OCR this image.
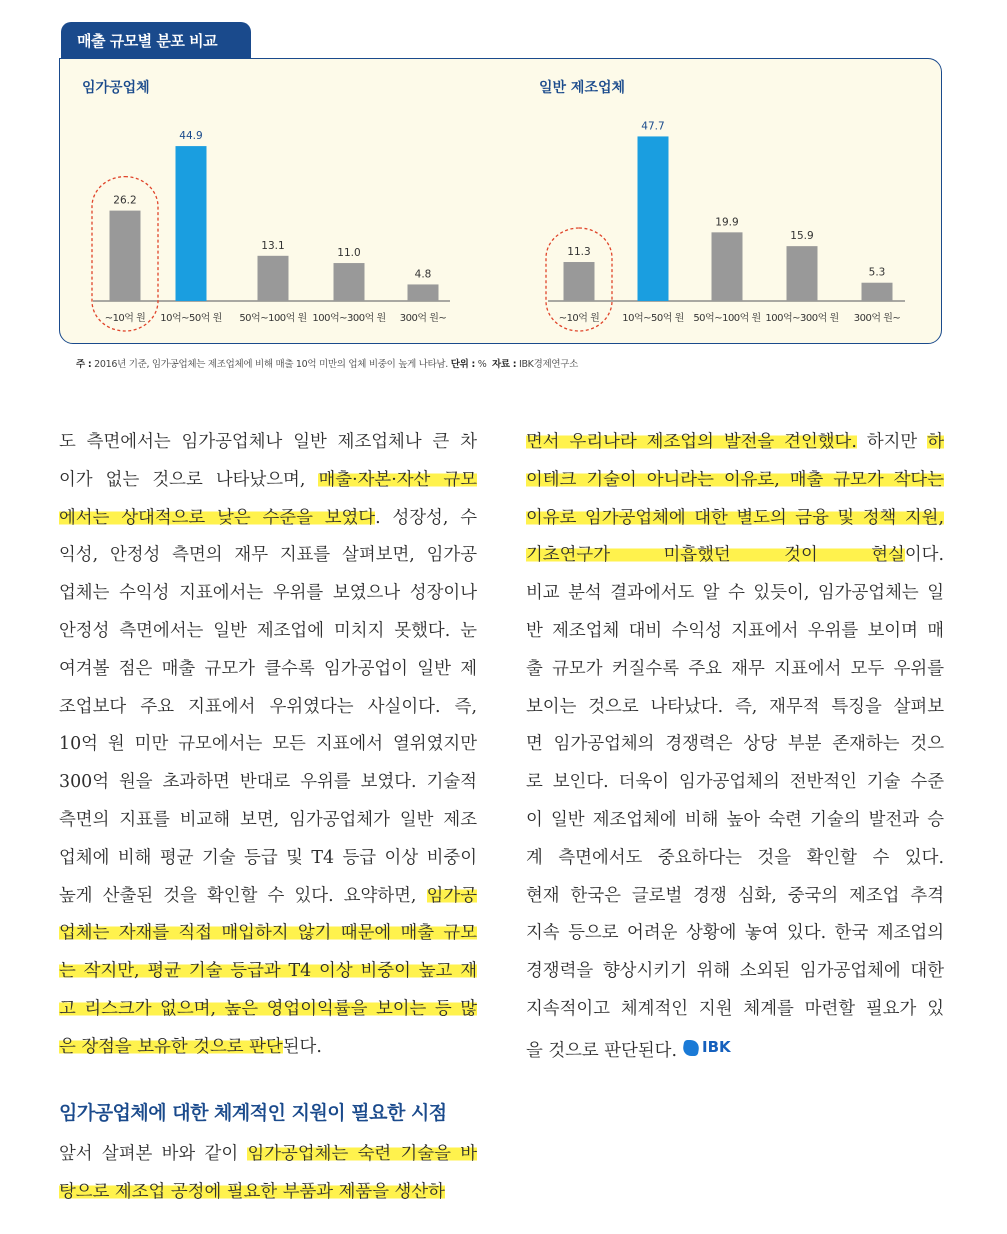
매출 규모별 분포 비교
임가공업체
26.2
~10억 원
44.9
10억~50억 원
13.1
50억~100억 원
11.0
100억~300억 원
4.8
300억 원~
일반 제조업체
11.3
~10억 원
47.7
10억~50억 원
19.9
50억~100억 원
15.9
100억~300억 원
5.3
300억 원~
주 : 2016년 기준, 임가공업체는 제조업체에 비해 매출 10억 미만의 업체 비중이 높게 나타남. 단위 : % 자료 : IBK경제연구소
도 측면에서는 임가공업체나 일반 제조업체나 큰 차
이가 없는 것으로 나타났으며, 매출·자본·자산 규모
에서는 상대적으로 낮은 수준을 보였다. 성장성, 수
익성, 안정성 측면의 재무 지표를 살펴보면, 임가공
업체는 수익성 지표에서는 우위를 보였으나 성장이나
안정성 측면에서는 일반 제조업에 미치지 못했다. 눈
여겨볼 점은 매출 규모가 클수록 임가공업이 일반 제
조업보다 주요 지표에서 우위였다는 사실이다. 즉,
10억 원 미만 규모에서는 모든 지표에서 열위였지만
300억 원을 초과하면 반대로 우위를 보였다. 기술적
측면의 지표를 비교해 보면, 임가공업체가 일반 제조
업체에 비해 평균 기술 등급 및 T4 등급 이상 비중이
높게 산출된 것을 확인할 수 있다. 요약하면, 임가공
업체는 자재를 직접 매입하지 않기 때문에 매출 규모
는 작지만, 평균 기술 등급과 T4 이상 비중이 높고 재
고 리스크가 없으며, 높은 영업이익률을 보이는 등 많
은 장점을 보유한 것으로 판단된다.
임가공업체에 대한 체계적인 지원이 필요한 시점
앞서 살펴본 바와 같이 임가공업체는 숙련 기술을 바
탕으로 제조업 공정에 필요한 부품과 제품을 생산하
면서 우리나라 제조업의 발전을 견인했다. 하지만 하
이테크 기술이 아니라는 이유로, 매출 규모가 작다는
이유로 임가공업체에 대한 별도의 금융 및 정책 지원,
기초연구가 미흡했던 것이 현실이다.
비교 분석 결과에서도 알 수 있듯이, 임가공업체는 일
반 제조업체 대비 수익성 지표에서 우위를 보이며 매
출 규모가 커질수록 주요 재무 지표에서 모두 우위를
보이는 것으로 나타났다. 즉, 재무적 특징을 살펴보
면 임가공업체의 경쟁력은 상당 부분 존재하는 것으
로 보인다. 더욱이 임가공업체의 전반적인 기술 수준
이 일반 제조업체에 비해 높아 숙련 기술의 발전과 승
계 측면에서도 중요하다는 것을 확인할 수 있다.
현재 한국은 글로벌 경쟁 심화, 중국의 제조업 추격
지속 등으로 어려운 상황에 놓여 있다. 한국 제조업의
경쟁력을 향상시키기 위해 소외된 임가공업체에 대한
지속적이고 체계적인 지원 체계를 마련할 필요가 있
을 것으로 판단된다. IBK
